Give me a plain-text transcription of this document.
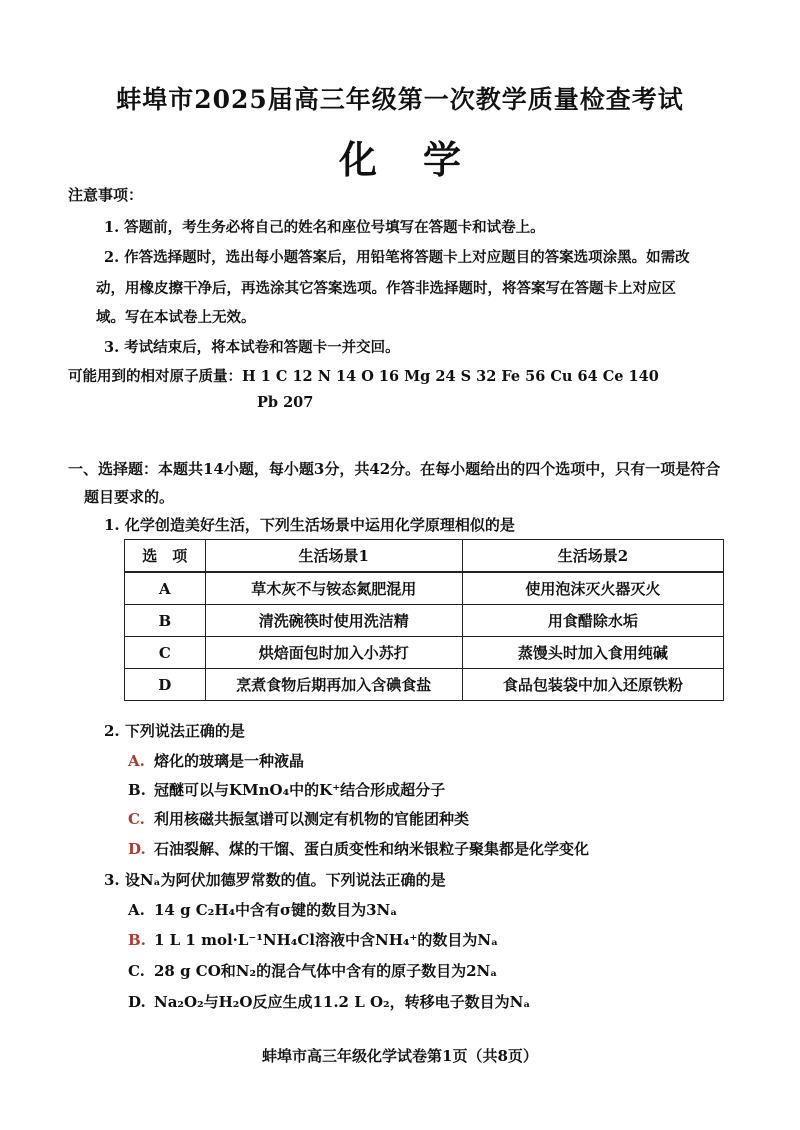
蚌埠市2025届高三年级第一次教学质量检查考试
化学
注意事项：
1. 答题前，考生务必将自己的姓名和座位号填写在答题卡和试卷上。
2. 作答选择题时，选出每小题答案后，用铅笔将答题卡上对应题目的答案选项涂黑。如需改
动，用橡皮擦干净后，再选涂其它答案选项。作答非选择题时，将答案写在答题卡上对应区
域。写在本试卷上无效。
3. 考试结束后，将本试卷和答题卡一并交回。
可能用到的相对原子质量：H 1 C 12 N 14 O 16 Mg 24 S 32 Fe 56 Cu 64 Ce 140
Pb 207
一、选择题：本题共14小题，每小题3分，共42分。在每小题给出的四个选项中，只有一项是符合
题目要求的。
1. 化学创造美好生活，下列生活场景中运用化学原理相似的是
选　项	生活场景1	生活场景2
A	草木灰不与铵态氮肥混用	使用泡沫灭火器灭火
B	清洗碗筷时使用洗洁精	用食醋除水垢
C	烘焙面包时加入小苏打	蒸馒头时加入食用纯碱
D	烹煮食物后期再加入含碘食盐	食品包装袋中加入还原铁粉
2. 下列说法正确的是
A. 熔化的玻璃是一种液晶
B. 冠醚可以与KMnO₄中的K⁺结合形成超分子
C. 利用核磁共振氢谱可以测定有机物的官能团种类
D. 石油裂解、煤的干馏、蛋白质变性和纳米银粒子聚集都是化学变化
3. 设Nₐ为阿伏加德罗常数的值。下列说法正确的是
A. 14 g C₂H₄中含有σ键的数目为3Nₐ
B. 1 L 1 mol·L⁻¹NH₄Cl溶液中含NH₄⁺的数目为Nₐ
C. 28 g CO和N₂的混合气体中含有的原子数目为2Nₐ
D. Na₂O₂与H₂O反应生成11.2 L O₂，转移电子数目为Nₐ
蚌埠市高三年级化学试卷第1页（共8页）
